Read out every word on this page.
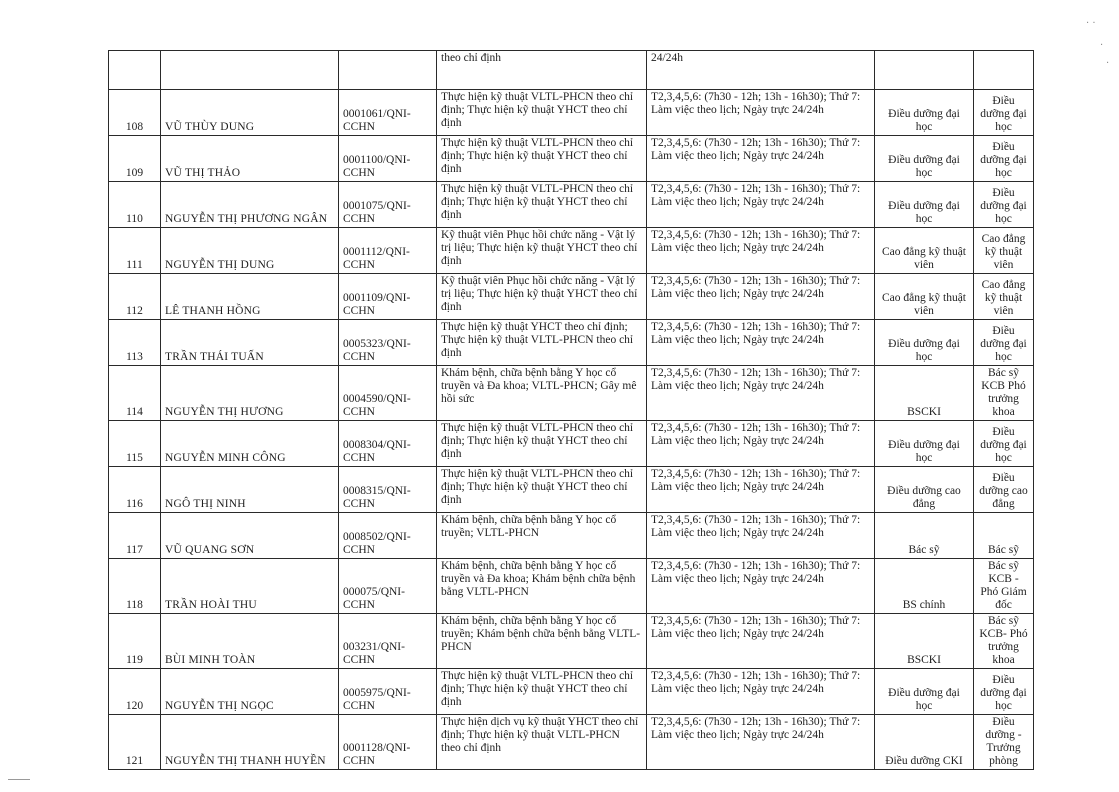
			theo chỉ định	24/24h		
108	VŨ THÙY DUNG	0001061/QNI-CCHN	Thực hiện kỹ thuật VLTL-PHCN theo chỉ định; Thực hiện kỹ thuật YHCT theo chỉ định	T2,3,4,5,6: (7h30 - 12h; 13h - 16h30); Thứ 7: Làm việc theo lịch; Ngày trực 24/24h	Điều dưỡng đại học	Điều dưỡng đại học
109	VŨ THỊ THẢO	0001100/QNI-CCHN	Thực hiện kỹ thuật VLTL-PHCN theo chỉ định; Thực hiện kỹ thuật YHCT theo chỉ định	T2,3,4,5,6: (7h30 - 12h; 13h - 16h30); Thứ 7: Làm việc theo lịch; Ngày trực 24/24h	Điều dưỡng đại học	Điều dưỡng đại học
110	NGUYỄN THỊ PHƯƠNG NGÂN	0001075/QNI-CCHN	Thực hiện kỹ thuật VLTL-PHCN theo chỉ định; Thực hiện kỹ thuật YHCT theo chỉ định	T2,3,4,5,6: (7h30 - 12h; 13h - 16h30); Thứ 7: Làm việc theo lịch; Ngày trực 24/24h	Điều dưỡng đại học	Điều dưỡng đại học
111	NGUYỄN THỊ DUNG	0001112/QNI-CCHN	Kỹ thuật viên Phục hồi chức năng - Vật lý trị liệu; Thực hiện kỹ thuật YHCT theo chỉ định	T2,3,4,5,6: (7h30 - 12h; 13h - 16h30); Thứ 7: Làm việc theo lịch; Ngày trực 24/24h	Cao đẳng kỹ thuật viên	Cao đẳng kỹ thuật viên
112	LÊ THANH HỒNG	0001109/QNI-CCHN	Kỹ thuật viên Phục hồi chức năng - Vật lý trị liệu; Thực hiện kỹ thuật YHCT theo chỉ định	T2,3,4,5,6: (7h30 - 12h; 13h - 16h30); Thứ 7: Làm việc theo lịch; Ngày trực 24/24h	Cao đẳng kỹ thuật viên	Cao đẳng kỹ thuật viên
113	TRẦN THÁI TUẤN	0005323/QNI-CCHN	Thực hiện kỹ thuật YHCT theo chỉ định; Thực hiện kỹ thuật VLTL-PHCN theo chỉ định	T2,3,4,5,6: (7h30 - 12h; 13h - 16h30); Thứ 7: Làm việc theo lịch; Ngày trực 24/24h	Điều dưỡng đại học	Điều dưỡng đại học
114	NGUYỄN THỊ HƯƠNG	0004590/QNI-CCHN	Khám bệnh, chữa bệnh bằng Y học cổ truyền và Đa khoa; VLTL-PHCN; Gây mê hồi sức	T2,3,4,5,6: (7h30 - 12h; 13h - 16h30); Thứ 7: Làm việc theo lịch; Ngày trực 24/24h	BSCKI	Bác sỹ KCB Phó trưởng khoa
115	NGUYỄN MINH CÔNG	0008304/QNI-CCHN	Thực hiện kỹ thuật VLTL-PHCN theo chỉ định; Thực hiện kỹ thuật YHCT theo chỉ định	T2,3,4,5,6: (7h30 - 12h; 13h - 16h30); Thứ 7: Làm việc theo lịch; Ngày trực 24/24h	Điều dưỡng đại học	Điều dưỡng đại học
116	NGÔ THỊ NINH	0008315/QNI-CCHN	Thực hiện kỹ thuật VLTL-PHCN theo chỉ định; Thực hiện kỹ thuật YHCT theo chỉ định	T2,3,4,5,6: (7h30 - 12h; 13h - 16h30); Thứ 7: Làm việc theo lịch; Ngày trực 24/24h	Điều dưỡng cao đẳng	Điều dưỡng cao đẳng
117	VŨ QUANG SƠN	0008502/QNI-CCHN	Khám bệnh, chữa bệnh bằng Y học cổ truyền; VLTL-PHCN	T2,3,4,5,6: (7h30 - 12h; 13h - 16h30); Thứ 7: Làm việc theo lịch; Ngày trực 24/24h	Bác sỹ	Bác sỹ
118	TRẦN HOÀI THU	000075/QNI-CCHN	Khám bệnh, chữa bệnh bằng Y học cổ truyền và Đa khoa; Khám bệnh chữa bệnh bằng VLTL-PHCN	T2,3,4,5,6: (7h30 - 12h; 13h - 16h30); Thứ 7: Làm việc theo lịch; Ngày trực 24/24h	BS chính	Bác sỹ KCB - Phó Giám đốc
119	BÙI MINH TOÀN	003231/QNI-CCHN	Khám bệnh, chữa bệnh bằng Y học cổ truyền; Khám bệnh chữa bệnh bằng VLTL-PHCN	T2,3,4,5,6: (7h30 - 12h; 13h - 16h30); Thứ 7: Làm việc theo lịch; Ngày trực 24/24h	BSCKI	Bác sỹ KCB- Phó trưởng khoa
120	NGUYỄN THỊ NGỌC	0005975/QNI-CCHN	Thực hiện kỹ thuật VLTL-PHCN theo chỉ định; Thực hiện kỹ thuật YHCT theo chỉ định	T2,3,4,5,6: (7h30 - 12h; 13h - 16h30); Thứ 7: Làm việc theo lịch; Ngày trực 24/24h	Điều dưỡng đại học	Điều dưỡng đại học
121	NGUYỄN THỊ THANH HUYỀN	0001128/QNI-CCHN	Thực hiện dịch vụ kỹ thuật YHCT theo chỉ định; Thực hiện kỹ thuật VLTL-PHCN theo chỉ định	T2,3,4,5,6: (7h30 - 12h; 13h - 16h30); Thứ 7: Làm việc theo lịch; Ngày trực 24/24h	Điều dưỡng CKI	Điều dưỡng - Trưởng phòng
· ·
·
·
